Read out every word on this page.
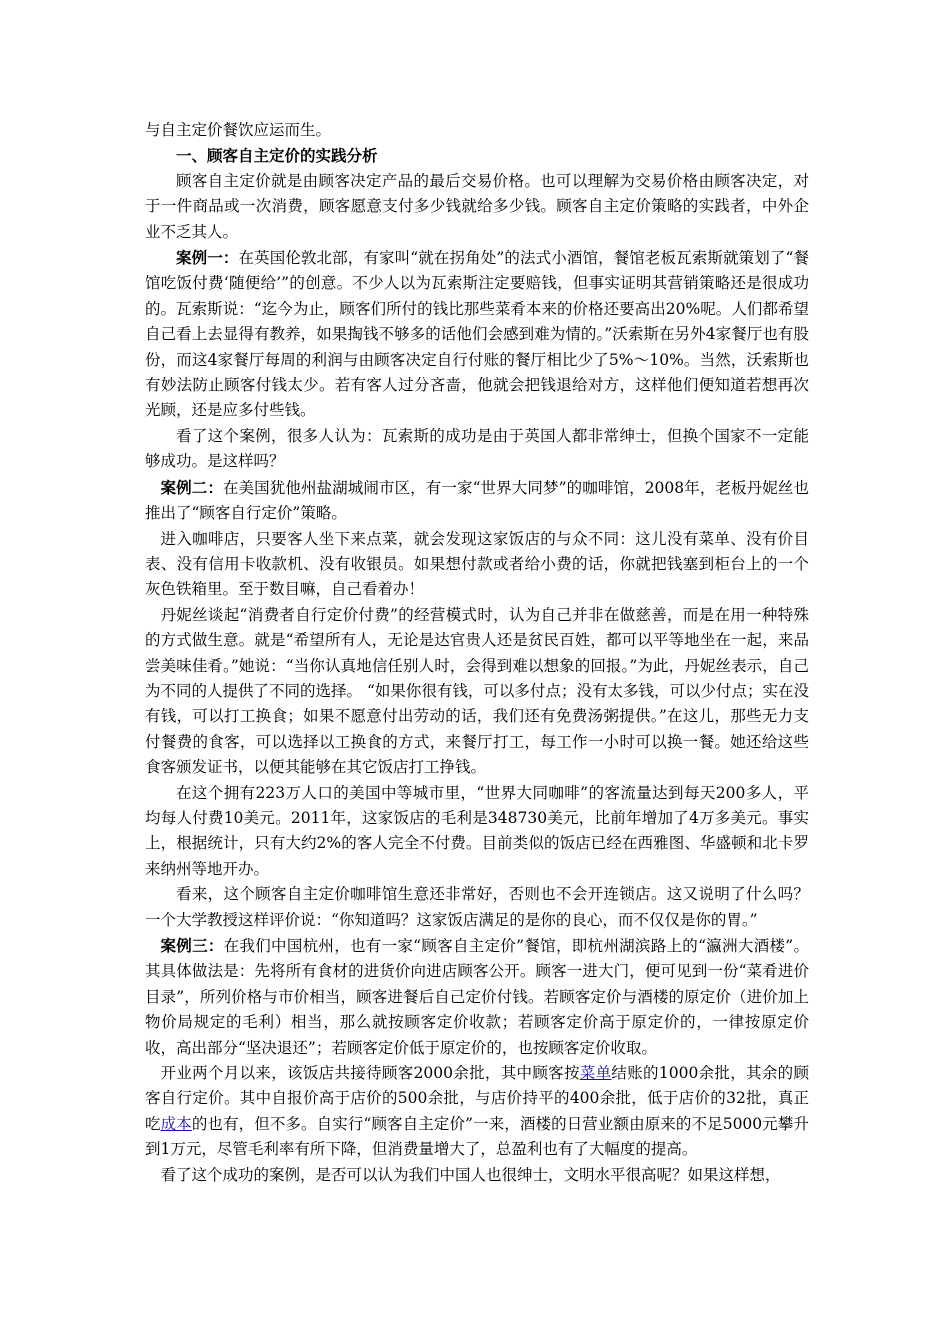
与自主定价餐饮应运而生。

一、顾客自主定价的实践分析

顾客自主定价就是由顾客决定产品的最后交易价格。也可以理解为交易价格由顾客决定，对于一件商品或一次消费，顾客愿意支付多少钱就给多少钱。顾客自主定价策略的实践者，中外企业不乏其人。

案例一：在英国伦敦北部，有家叫“就在拐角处”的法式小酒馆，餐馆老板瓦索斯就策划了“餐馆吃饭付费‘随便给’”的创意。不少人以为瓦索斯注定要赔钱，但事实证明其营销策略还是很成功的。瓦索斯说：“迄今为止，顾客们所付的钱比那些菜肴本来的价格还要高出20%呢。人们都希望自己看上去显得有教养，如果掏钱不够多的话他们会感到难为情的。”沃索斯在另外4家餐厅也有股份，而这4家餐厅每周的利润与由顾客决定自行付账的餐厅相比少了5%～10%。当然，沃索斯也有妙法防止顾客付钱太少。若有客人过分吝啬，他就会把钱退给对方，这样他们便知道若想再次光顾，还是应多付些钱。

看了这个案例，很多人认为：瓦索斯的成功是由于英国人都非常绅士，但换个国家不一定能够成功。是这样吗？

案例二：在美国犹他州盐湖城闹市区，有一家“世界大同梦”的咖啡馆，2008年，老板丹妮丝也推出了“顾客自行定价”策略。

进入咖啡店，只要客人坐下来点菜，就会发现这家饭店的与众不同：这儿没有菜单、没有价目表、没有信用卡收款机、没有收银员。如果想付款或者给小费的话，你就把钱塞到柜台上的一个灰色铁箱里。至于数目嘛，自己看着办！

丹妮丝谈起“消费者自行定价付费”的经营模式时，认为自己并非在做慈善，而是在用一种特殊的方式做生意。就是“希望所有人，无论是达官贵人还是贫民百姓，都可以平等地坐在一起，来品尝美味佳肴。”她说：“当你认真地信任别人时，会得到难以想象的回报。”为此，丹妮丝表示，自己为不同的人提供了不同的选择。 “如果你很有钱，可以多付点；没有太多钱，可以少付点；实在没有钱，可以打工换食；如果不愿意付出劳动的话，我们还有免费汤粥提供。”在这儿，那些无力支付餐费的食客，可以选择以工换食的方式，来餐厅打工，每工作一小时可以换一餐。她还给这些食客颁发证书，以便其能够在其它饭店打工挣钱。

在这个拥有223万人口的美国中等城市里，“世界大同咖啡”的客流量达到每天200多人，平均每人付费10美元。2011年，这家饭店的毛利是348730美元，比前年增加了4万多美元。事实上，根据统计，只有大约2%的客人完全不付费。目前类似的饭店已经在西雅图、华盛顿和北卡罗来纳州等地开办。

看来，这个顾客自主定价咖啡馆生意还非常好，否则也不会开连锁店。这又说明了什么吗？一个大学教授这样评价说：“你知道吗？这家饭店满足的是你的良心，而不仅仅是你的胃。”

案例三：在我们中国杭州，也有一家“顾客自主定价”餐馆，即杭州湖滨路上的“瀛洲大酒楼”。其具体做法是：先将所有食材的进货价向进店顾客公开。顾客一进大门，便可见到一份“菜肴进价目录”，所列价格与市价相当，顾客进餐后自己定价付钱。若顾客定价与酒楼的原定价（进价加上物价局规定的毛利）相当，那么就按顾客定价收款；若顾客定价高于原定价的，一律按原定价收，高出部分“坚决退还”；若顾客定价低于原定价的，也按顾客定价收取。

开业两个月以来，该饭店共接待顾客2000余批，其中顾客按菜单结账的1000余批，其余的顾客自行定价。其中自报价高于店价的500余批，与店价持平的400余批，低于店价的32批，真正吃成本的也有，但不多。自实行“顾客自主定价”一来，酒楼的日营业额由原来的不足5000元攀升到1万元，尽管毛利率有所下降，但消费量增大了，总盈利也有了大幅度的提高。

看了这个成功的案例，是否可以认为我们中国人也很绅士，文明水平很高呢？如果这样想，
